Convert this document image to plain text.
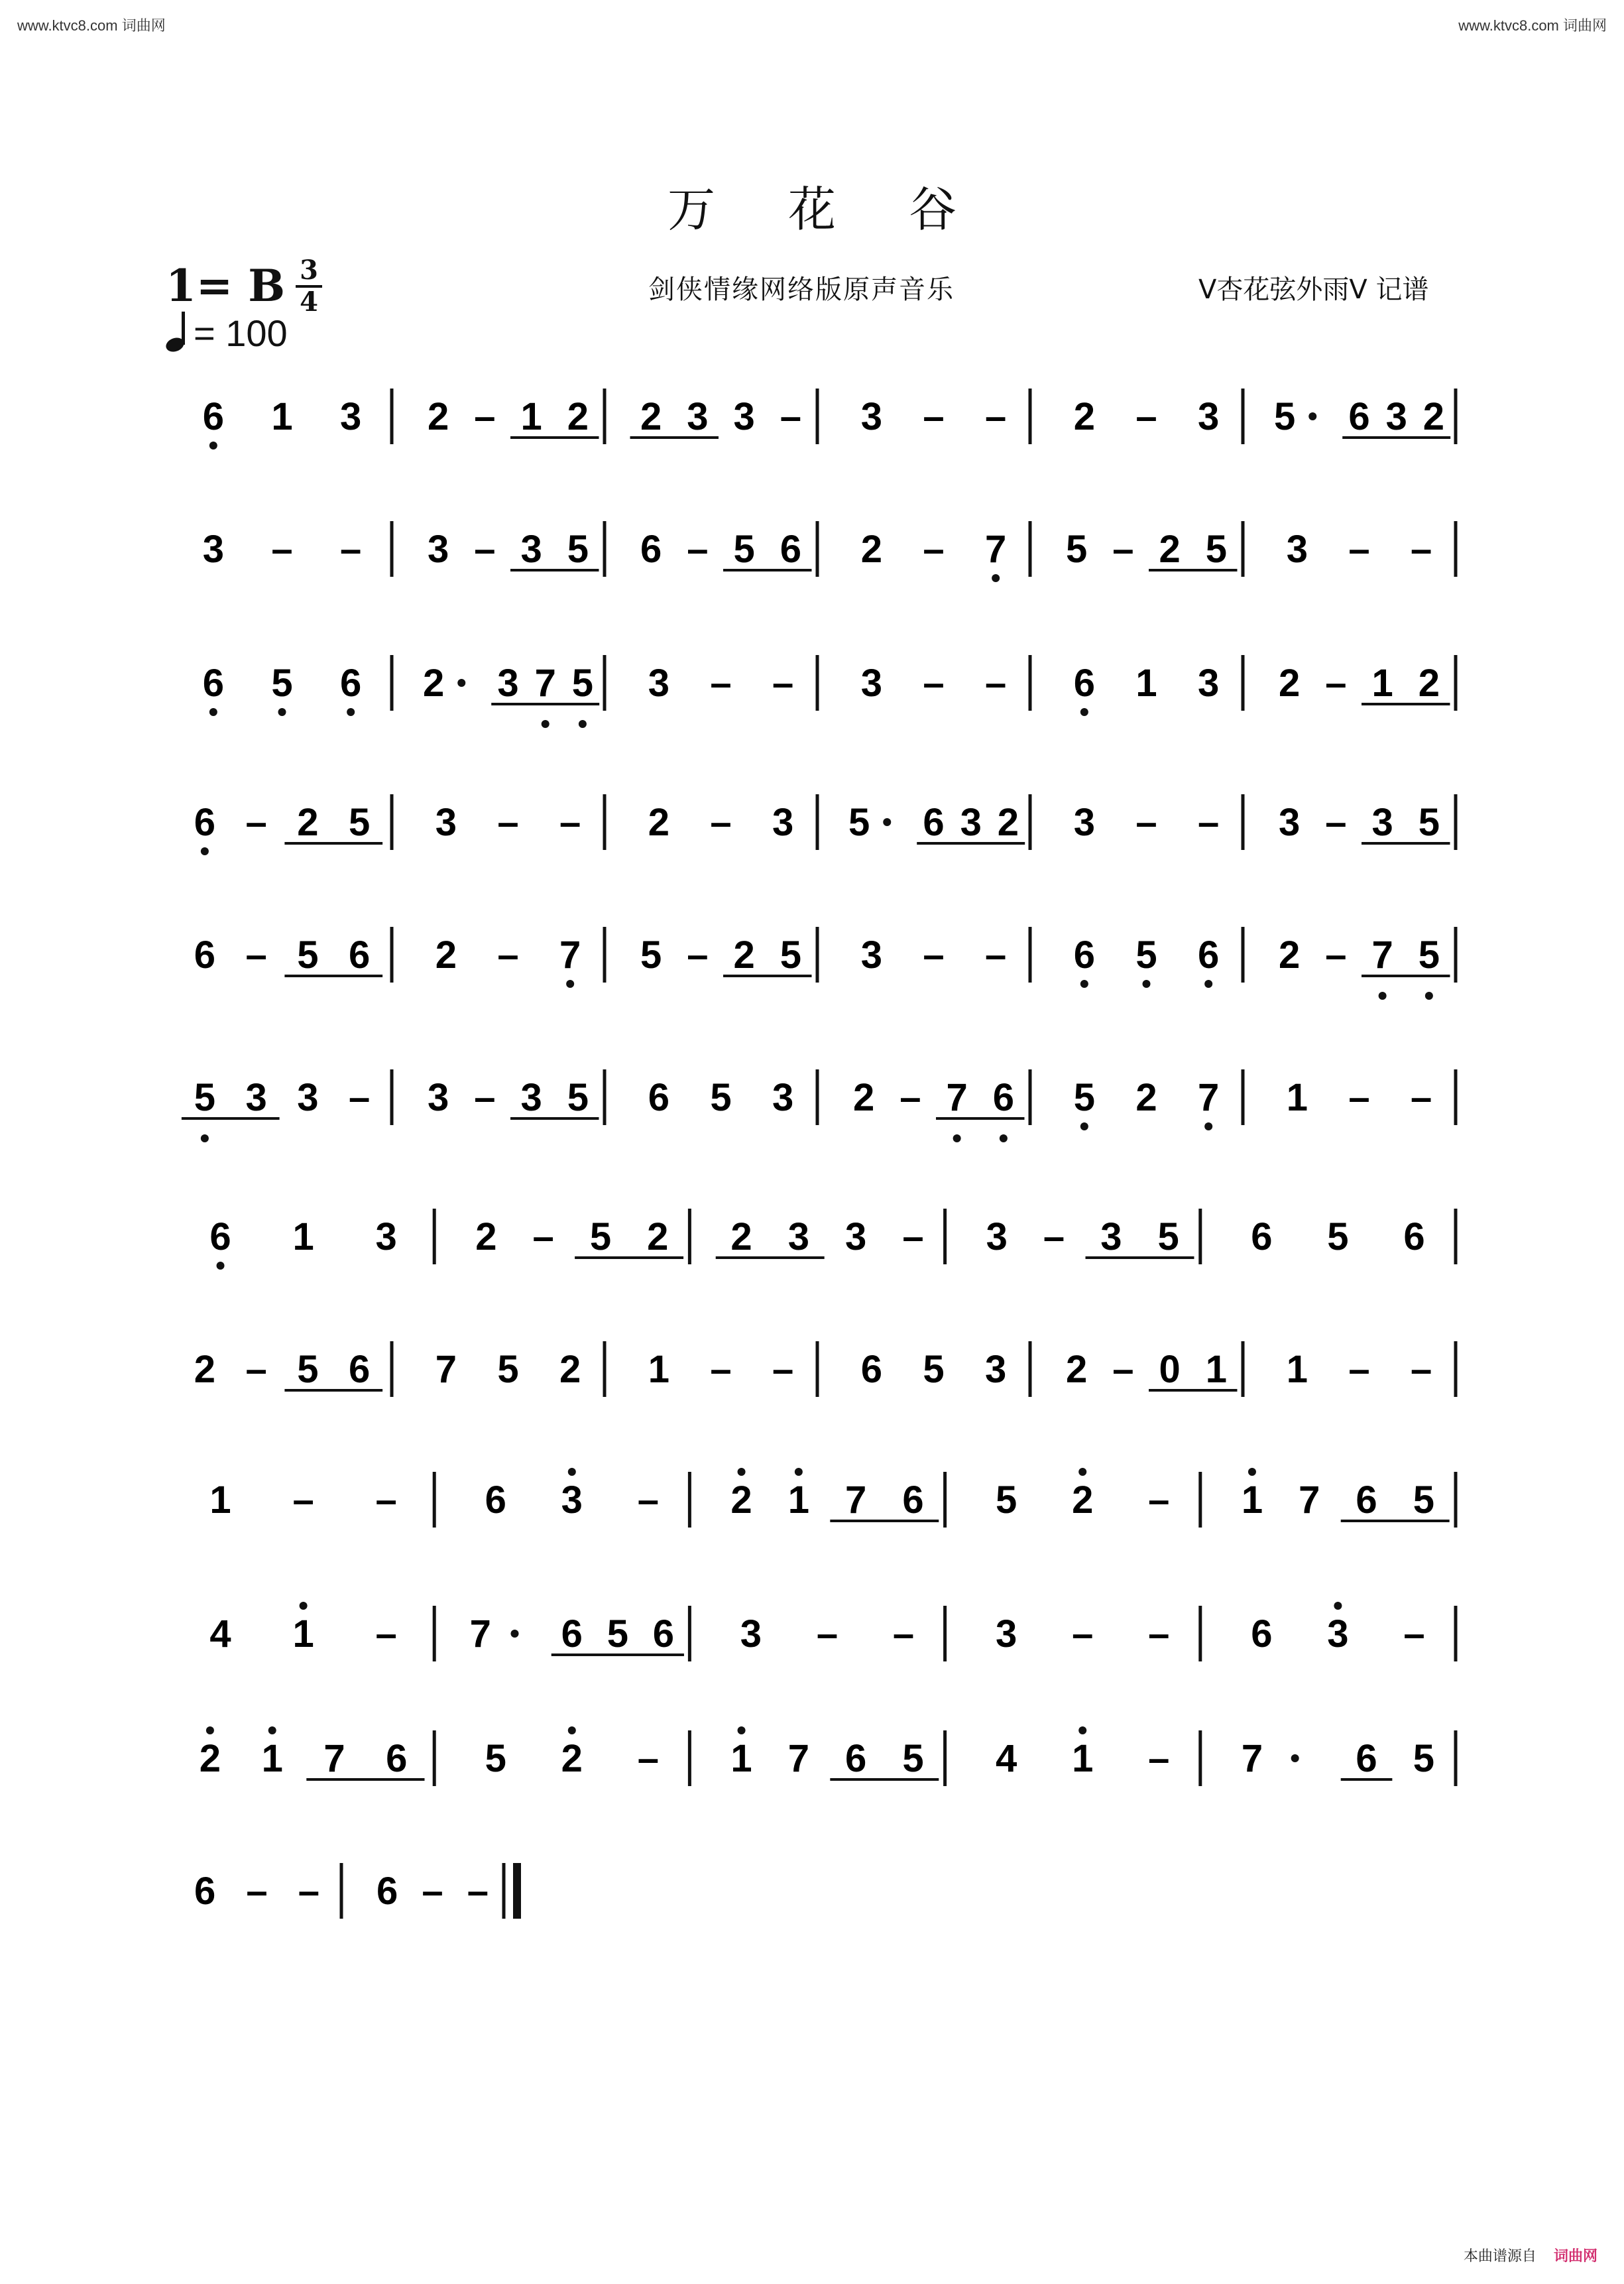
www.ktvc8.com 词曲网	www.ktvc8.com 词曲网
万花谷
1= B 3
4
= 100
剑侠情缘网络版原声音乐	V杏花弦外雨V 记谱
6 1 3 2 – 1 2 2 3 3 – 3 – – 2 – 3 5 6 3 2
3 – – 3 – 3 5 6 – 5 6 2 – 7 5 – 2 5 3 – –
6 5 6 2 3 7 5 3 – – 3 – – 6 1 3 2 – 1 2
6 – 2 5 3 – – 2 – 3 5 6 3 2 3 – – 3 – 3 5
6 – 5 6 2 – 7 5 – 2 5 3 – – 6 5 6 2 – 7 5
5 3 3 – 3 – 3 5 6 5 3 2 – 7 6 5 2 7 1 – –
6 1 3 2 – 5 2 2 3 3 – 3 – 3 5 6 5 6
2 – 5 6 7 5 2 1 – – 6 5 3 2 – 0 1 1 – –
1 – – 6 3 – 2 1 7 6 5 2 – 1 7 6 5
4 1 – 7 6 5 6 3 – – 3 – – 6 3 –
2 1 7 6 5 2 – 1 7 6 5 4 1 – 7 6 5
6 – – 6 – –
本曲谱源自 词曲网
